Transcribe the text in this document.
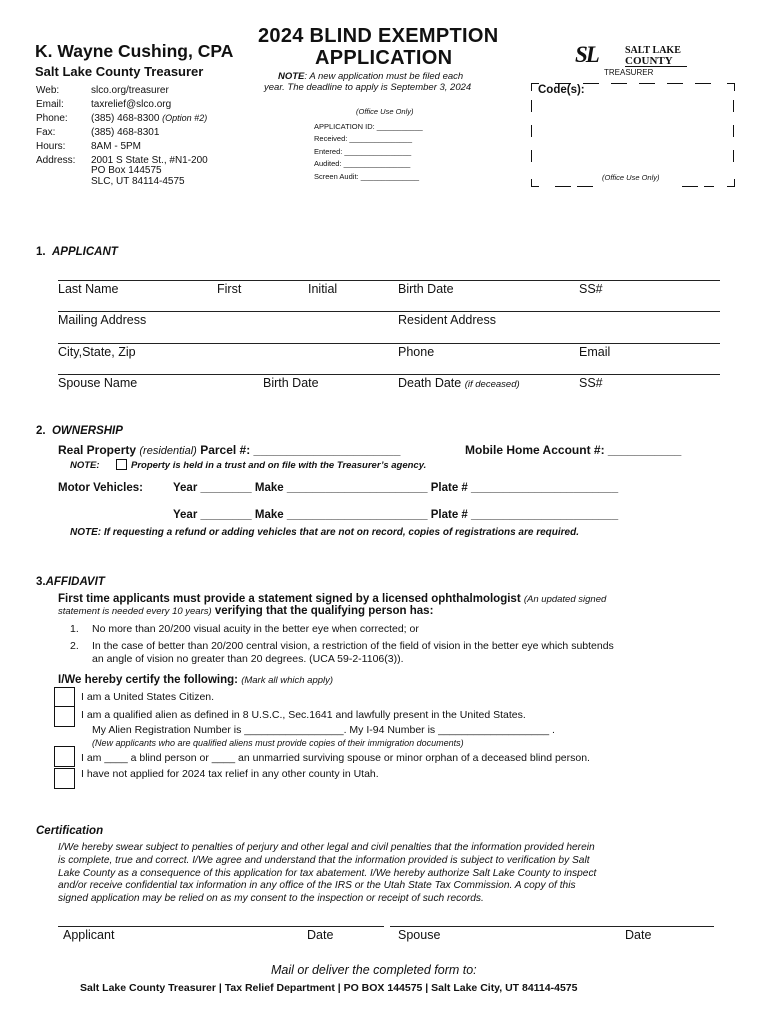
K. Wayne Cushing, CPA
Salt Lake County Treasurer
Web:	slco.org/treasurer
Email:	taxrelief@slco.org
Phone: (385) 468-8300 (Option #2)
Fax:	(385) 468-8301
Hours:	8AM - 5PM
Address: 2001 S State St., #N1-200
PO Box 144575
SLC, UT 84114-4575
2024 BLIND EXEMPTION
APPLICATION
NOTE: A new application must be filed each
year. The deadline to apply is September 3, 2024
(Office Use Only)
APPLICATION ID: ___________
Received: _______________
Entered: ________________
Audited: ________________
Screen Audit: ______________
SL	SALT LAKE
COUNTY
TREASURER
Code(s):
(Office Use Only)
1. APPLICANT
Last Name	First	Initial	Birth Date	SS#
Mailing Address	Resident Address
City,State, Zip	Phone	Email
Spouse Name	Birth Date	Death Date (if deceased)	SS#
2. OWNERSHIP
Real Property (residential) Parcel #: ______________________	Mobile Home Account #: ___________
NOTE:	Property is held in a trust and on file with the Treasurer’s agency.
Motor Vehicles:	Year ________ Make ______________________ Plate # _______________________
Year ________ Make ______________________ Plate # _______________________
NOTE: If requesting a refund or adding vehicles that are not on record, copies of registrations are required.
3.AFFIDAVIT
First time applicants must provide a statement signed by a licensed ophthalmologist (An updated signed
statement is needed every 10 years) verifying that the qualifying person has:
1. No more than 20/200 visual acuity in the better eye when corrected; or
2. In the case of better than 20/200 central vision, a restriction of the field of vision in the better eye which subtends
an angle of vision no greater than 20 degrees. (UCA 59-2-1106(3)).
I/We hereby certify the following: (Mark all which apply)
I am a United States Citizen.
I am a qualified alien as defined in 8 U.S.C., Sec.1641 and lawfully present in the United States.
My Alien Registration Number is _________________. My I-94 Number is ___________________ .
(New applicants who are qualified aliens must provide copies of their immigration documents)
I am ____ a blind person or ____ an unmarried surviving spouse or minor orphan of a deceased blind person.
I have not applied for 2024 tax relief in any other county in Utah.
Certification
I/We hereby swear subject to penalties of perjury and other legal and civil penalties that the information provided herein
is complete, true and correct. I/We agree and understand that the information provided is subject to verification by Salt
Lake County as a consequence of this application for tax abatement. I/We hereby authorize Salt Lake County to inspect
and/or receive confidential tax information in any office of the IRS or the Utah State Tax Commission. A copy of this
signed application may be relied on as my consent to the inspection or receipt of such records.
Applicant	Date	Spouse	Date
Mail or deliver the completed form to:
Salt Lake County Treasurer | Tax Relief Department | PO BOX 144575 | Salt Lake City, UT 84114-4575
